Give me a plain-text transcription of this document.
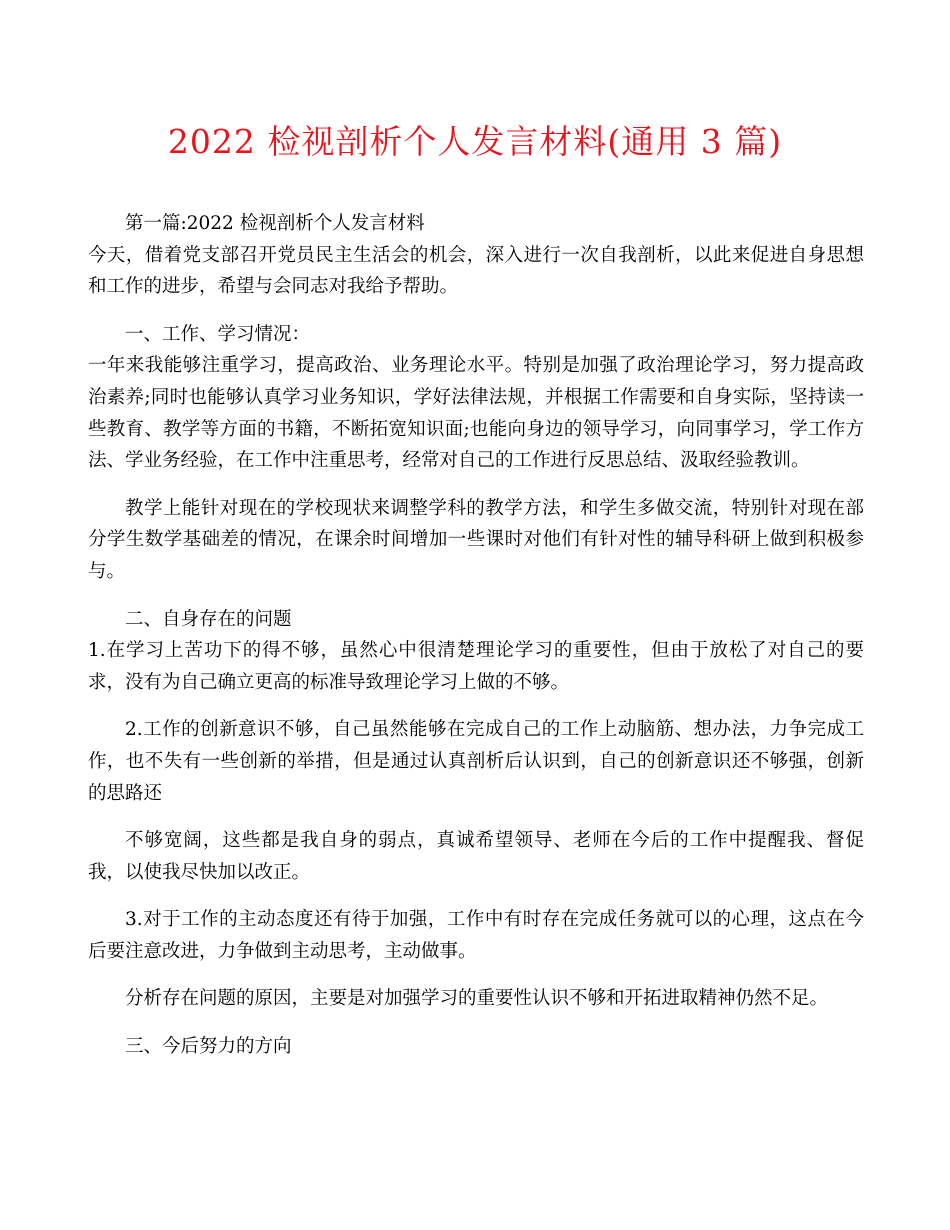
2022 检视剖析个人发言材料(通用 3 篇)

第一篇:2022 检视剖析个人发言材料

今天，借着党支部召开党员民主生活会的机会，深入进行一次自我剖析，以此来促进自身思想和工作的进步，希望与会同志对我给予帮助。

一、工作、学习情况：

一年来我能够注重学习，提高政治、业务理论水平。特别是加强了政治理论学习，努力提高政治素养;同时也能够认真学习业务知识，学好法律法规，并根据工作需要和自身实际，坚持读一些教育、教学等方面的书籍，不断拓宽知识面;也能向身边的领导学习，向同事学习，学工作方法、学业务经验，在工作中注重思考，经常对自己的工作进行反思总结、汲取经验教训。

教学上能针对现在的学校现状来调整学科的教学方法，和学生多做交流，特别针对现在部分学生数学基础差的情况，在课余时间增加一些课时对他们有针对性的辅导科研上做到积极参与。

二、自身存在的问题

1.在学习上苦功下的得不够，虽然心中很清楚理论学习的重要性，但由于放松了对自己的要求，没有为自己确立更高的标准导致理论学习上做的不够。

2.工作的创新意识不够，自己虽然能够在完成自己的工作上动脑筋、想办法，力争完成工作，也不失有一些创新的举措，但是通过认真剖析后认识到，自己的创新意识还不够强，创新的思路还

不够宽阔，这些都是我自身的弱点，真诚希望领导、老师在今后的工作中提醒我、督促我，以使我尽快加以改正。

3.对于工作的主动态度还有待于加强，工作中有时存在完成任务就可以的心理，这点在今后要注意改进，力争做到主动思考，主动做事。

分析存在问题的原因，主要是对加强学习的重要性认识不够和开拓进取精神仍然不足。

三、今后努力的方向
